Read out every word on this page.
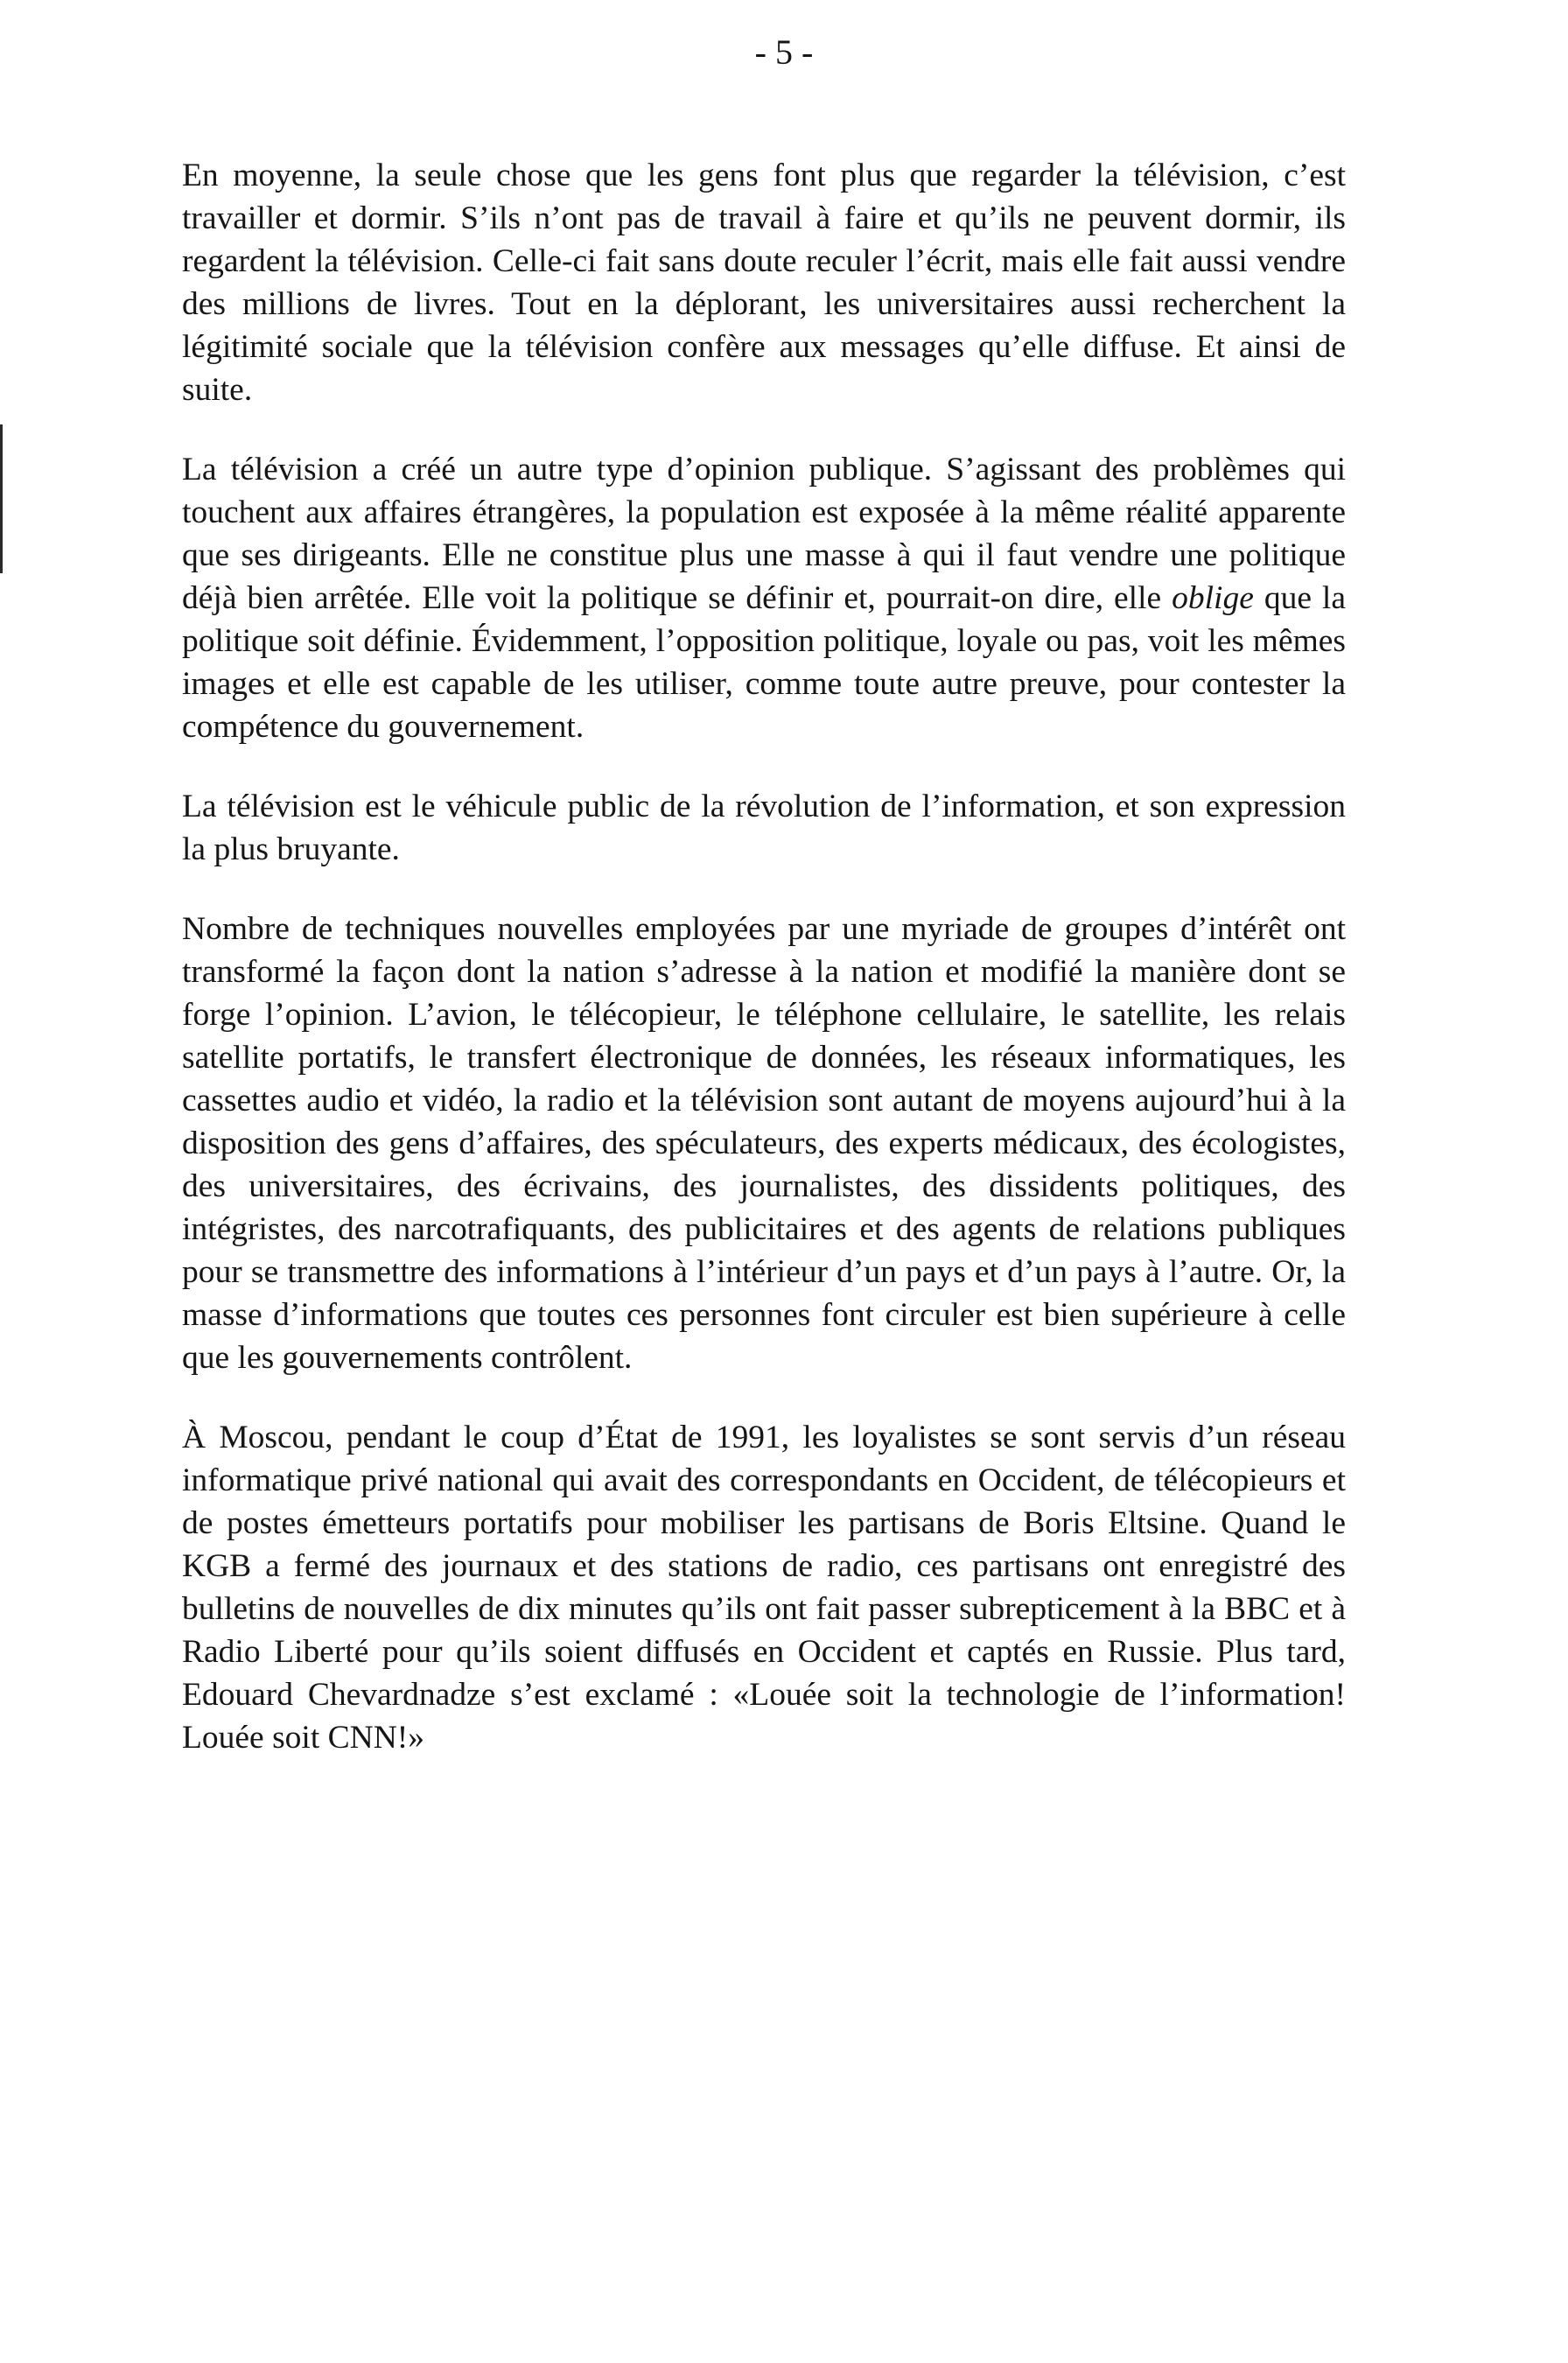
- 5 -

En moyenne, la seule chose que les gens font plus que regarder la télévision, c’est travailler et dormir. S’ils n’ont pas de travail à faire et qu’ils ne peuvent dormir, ils regardent la télévision. Celle-ci fait sans doute reculer l’écrit, mais elle fait aussi vendre des millions de livres. Tout en la déplorant, les universitaires aussi recherchent la légitimité sociale que la télévision confère aux messages qu’elle diffuse. Et ainsi de suite.

La télévision a créé un autre type d’opinion publique. S’agissant des problèmes qui touchent aux affaires étrangères, la population est exposée à la même réalité apparente que ses dirigeants. Elle ne constitue plus une masse à qui il faut vendre une politique déjà bien arrêtée. Elle voit la politique se définir et, pourrait-on dire, elle oblige que la politique soit définie. Évidemment, l’opposition politique, loyale ou pas, voit les mêmes images et elle est capable de les utiliser, comme toute autre preuve, pour contester la compétence du gouvernement.

La télévision est le véhicule public de la révolution de l’information, et son expression la plus bruyante.

Nombre de techniques nouvelles employées par une myriade de groupes d’intérêt ont transformé la façon dont la nation s’adresse à la nation et modifié la manière dont se forge l’opinion. L’avion, le télécopieur, le téléphone cellulaire, le satellite, les relais satellite portatifs, le transfert électronique de données, les réseaux informatiques, les cassettes audio et vidéo, la radio et la télévision sont autant de moyens aujourd’hui à la disposition des gens d’affaires, des spéculateurs, des experts médicaux, des écologistes, des universitaires, des écrivains, des journalistes, des dissidents politiques, des intégristes, des narcotrafiquants, des publicitaires et des agents de relations publiques pour se transmettre des informations à l’intérieur d’un pays et d’un pays à l’autre. Or, la masse d’informations que toutes ces personnes font circuler est bien supérieure à celle que les gouvernements contrôlent.

À Moscou, pendant le coup d’État de 1991, les loyalistes se sont servis d’un réseau informatique privé national qui avait des correspondants en Occident, de télécopieurs et de postes émetteurs portatifs pour mobiliser les partisans de Boris Eltsine. Quand le KGB a fermé des journaux et des stations de radio, ces partisans ont enregistré des bulletins de nouvelles de dix minutes qu’ils ont fait passer subrepticement à la BBC et à Radio Liberté pour qu’ils soient diffusés en Occident et captés en Russie. Plus tard, Edouard Chevardnadze s’est exclamé : «Louée soit la technologie de l’information! Louée soit CNN!»
